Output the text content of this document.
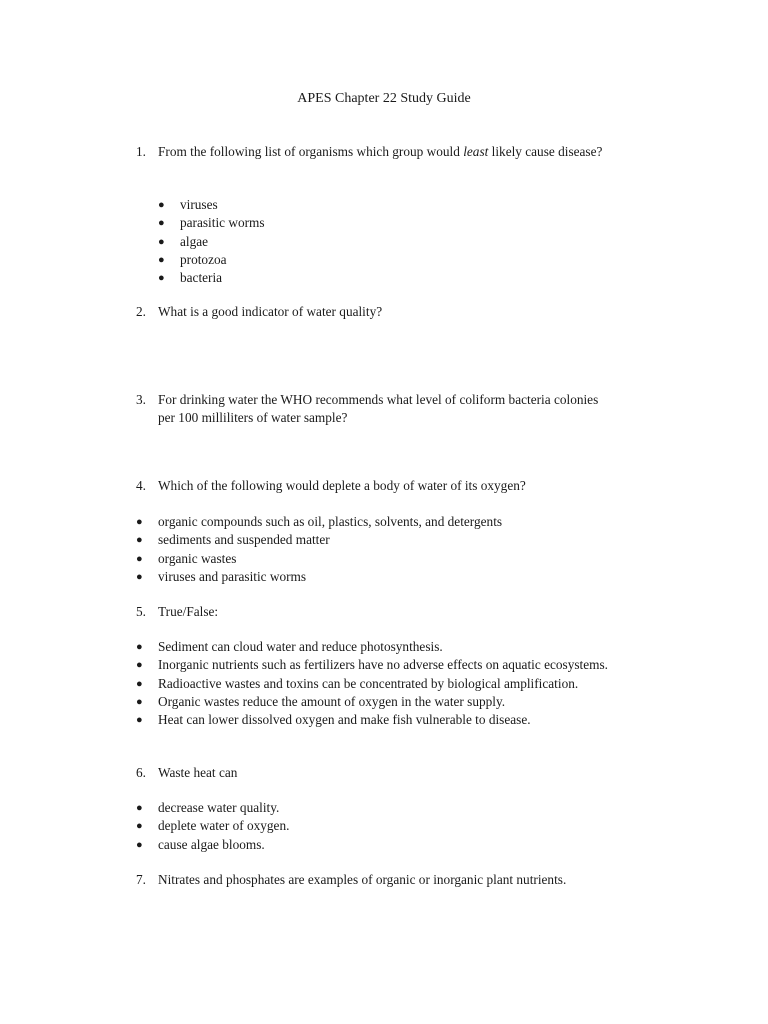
APES Chapter 22 Study Guide
1. From the following list of organisms which group would least likely cause disease?
● viruses
● parasitic worms
● algae
● protozoa
● bacteria
2. What is a good indicator of water quality?
3. For drinking water the WHO recommends what level of coliform bacteria colonies per 100 milliliters of water sample?
4. Which of the following would deplete a body of water of its oxygen?
● organic compounds such as oil, plastics, solvents, and detergents
● sediments and suspended matter
● organic wastes
● viruses and parasitic worms
5. True/False:
● Sediment can cloud water and reduce photosynthesis.
● Inorganic nutrients such as fertilizers have no adverse effects on aquatic ecosystems.
● Radioactive wastes and toxins can be concentrated by biological amplification.
● Organic wastes reduce the amount of oxygen in the water supply.
● Heat can lower dissolved oxygen and make fish vulnerable to disease.
6. Waste heat can
● decrease water quality.
● deplete water of oxygen.
● cause algae blooms.
7. Nitrates and phosphates are examples of organic or inorganic plant nutrients.
